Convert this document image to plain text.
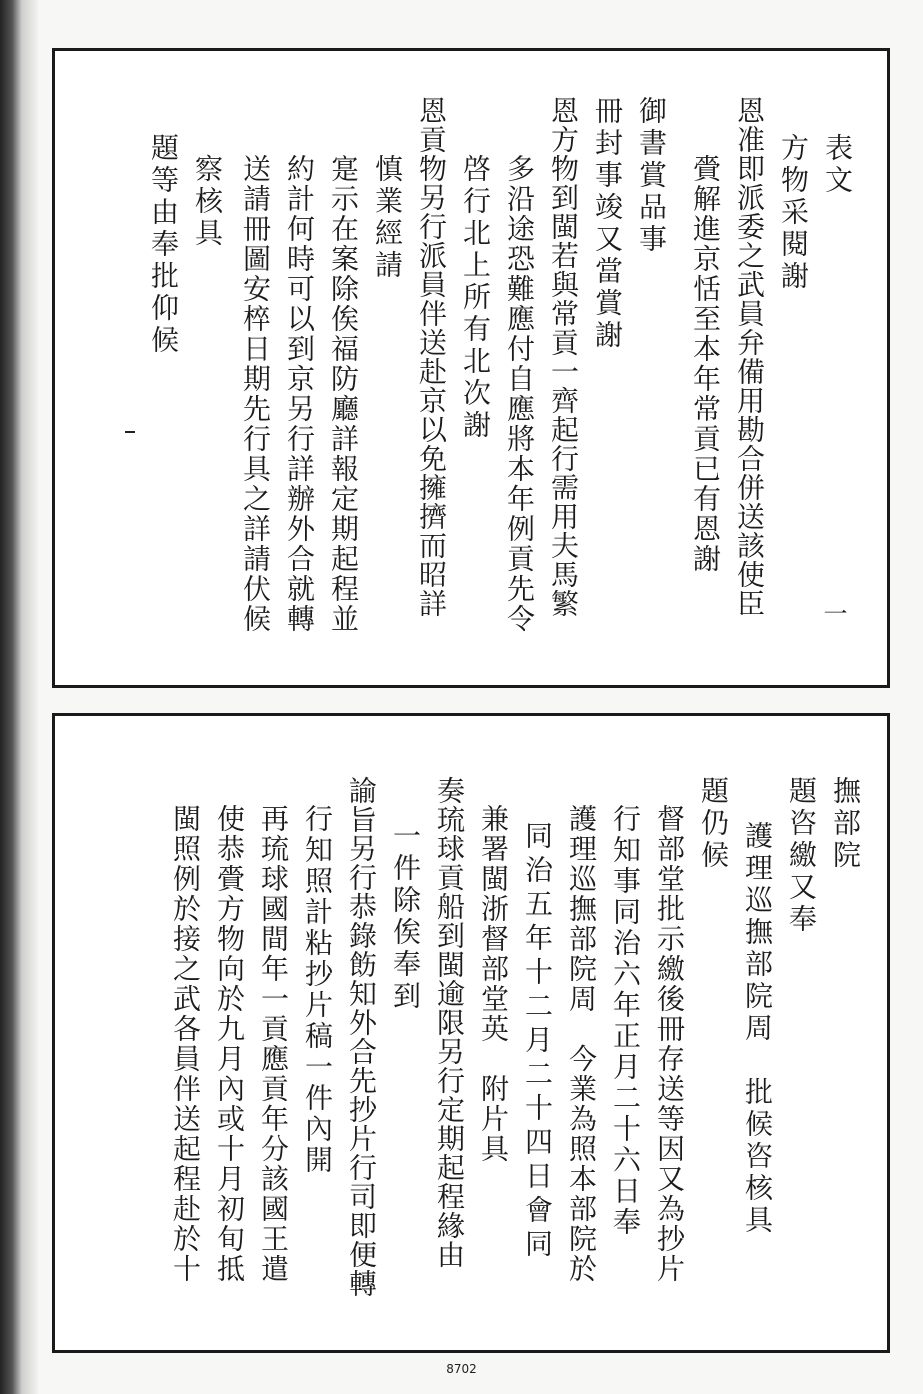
表文

方物采閱謝

恩准即派委之武員弁備用勘合併送該使臣

賫解進京恬至本年常貢已有恩謝

御書賞品事

冊封事竣又當賞謝

恩方物到閩若與常貢一齊起行需用夫馬繁

多沿途恐難應付自應將本年例貢先令

啓行北上所有北次謝

恩貢物另行派員伴送赴京以免擁擠而昭詳

慎業經請

寔示在案除俟福防廳詳報定期起程並

約計何時可以到京另行詳辦外合就轉

送請冊圖安椊日期先行具之詳請伏候

察核具

題等由奉批仰候

一

撫部院

題咨繳又奉

護理巡撫部院周　批候咨核具

題仍候

督部堂批示繳後冊存送等因又為抄片

行知事同治六年正月二十六日奉

護理巡撫部院周　今業為照本部院於

同治五年十二月二十四日會同

兼署閩浙督部堂英　附片具

奏琉球貢船到閩逾限另行定期起程緣由

一件除俟奉到

諭旨另行恭錄飭知外合先抄片行司即便轉

行知照計粘抄片稿一件內開

再琉球國間年一貢應貢年分該國王遣

使恭賫方物向於九月內或十月初旬抵

閩照例於接之武各員伴送起程赴於十

8702
